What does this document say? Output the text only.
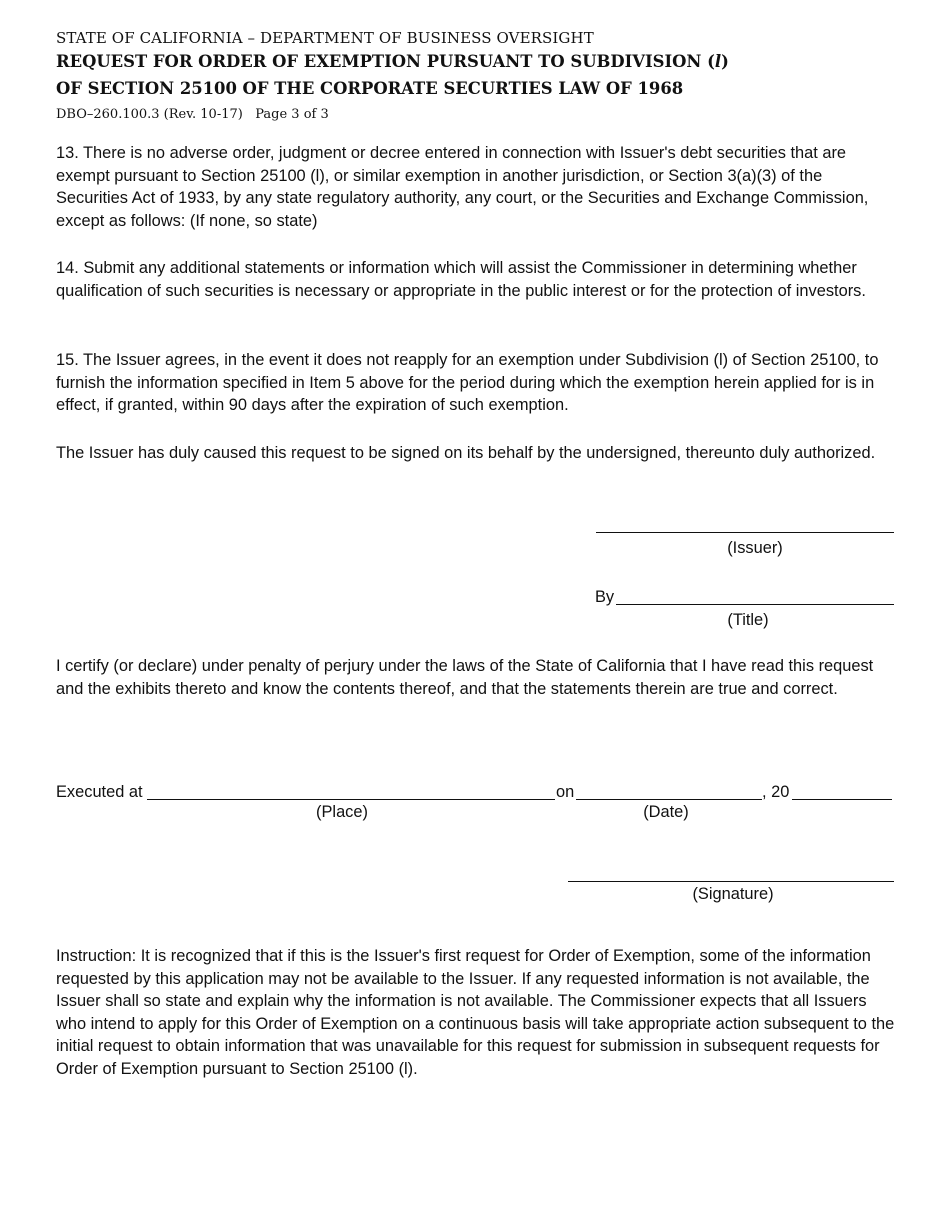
STATE OF CALIFORNIA – DEPARTMENT OF BUSINESS OVERSIGHT
REQUEST FOR ORDER OF EXEMPTION PURSUANT TO SUBDIVISION (l)
OF SECTION 25100 OF THE CORPORATE SECURTIES LAW OF 1968
DBO–260.100.3 (Rev. 10-17) Page 3 of 3
13. There is no adverse order, judgment or decree entered in connection with Issuer's debt securities that are exempt pursuant to Section 25100 (l), or similar exemption in another jurisdiction, or Section 3(a)(3) of the Securities Act of 1933, by any state regulatory authority, any court, or the Securities and Exchange Commission, except as follows: (If none, so state)
14. Submit any additional statements or information which will assist the Commissioner in determining whether qualification of such securities is necessary or appropriate in the public interest or for the protection of investors.
15. The Issuer agrees, in the event it does not reapply for an exemption under Subdivision (l) of Section 25100, to furnish the information specified in Item 5 above for the period during which the exemption herein applied for is in effect, if granted, within 90 days after the expiration of such exemption.
The Issuer has duly caused this request to be signed on its behalf by the undersigned, thereunto duly authorized.
(Issuer)
By
(Title)
I certify (or declare) under penalty of perjury under the laws of the State of California that I have read this request and the exhibits thereto and know the contents thereof, and that the statements therein are true and correct.
Executed at	on	, 20
(Place)	(Date)
(Signature)
Instruction: It is recognized that if this is the Issuer's first request for Order of Exemption, some of the information requested by this application may not be available to the Issuer. If any requested information is not available, the Issuer shall so state and explain why the information is not available. The Commissioner expects that all Issuers who intend to apply for this Order of Exemption on a continuous basis will take appropriate action subsequent to the initial request to obtain information that was unavailable for this request for submission in subsequent requests for Order of Exemption pursuant to Section 25100 (l).
